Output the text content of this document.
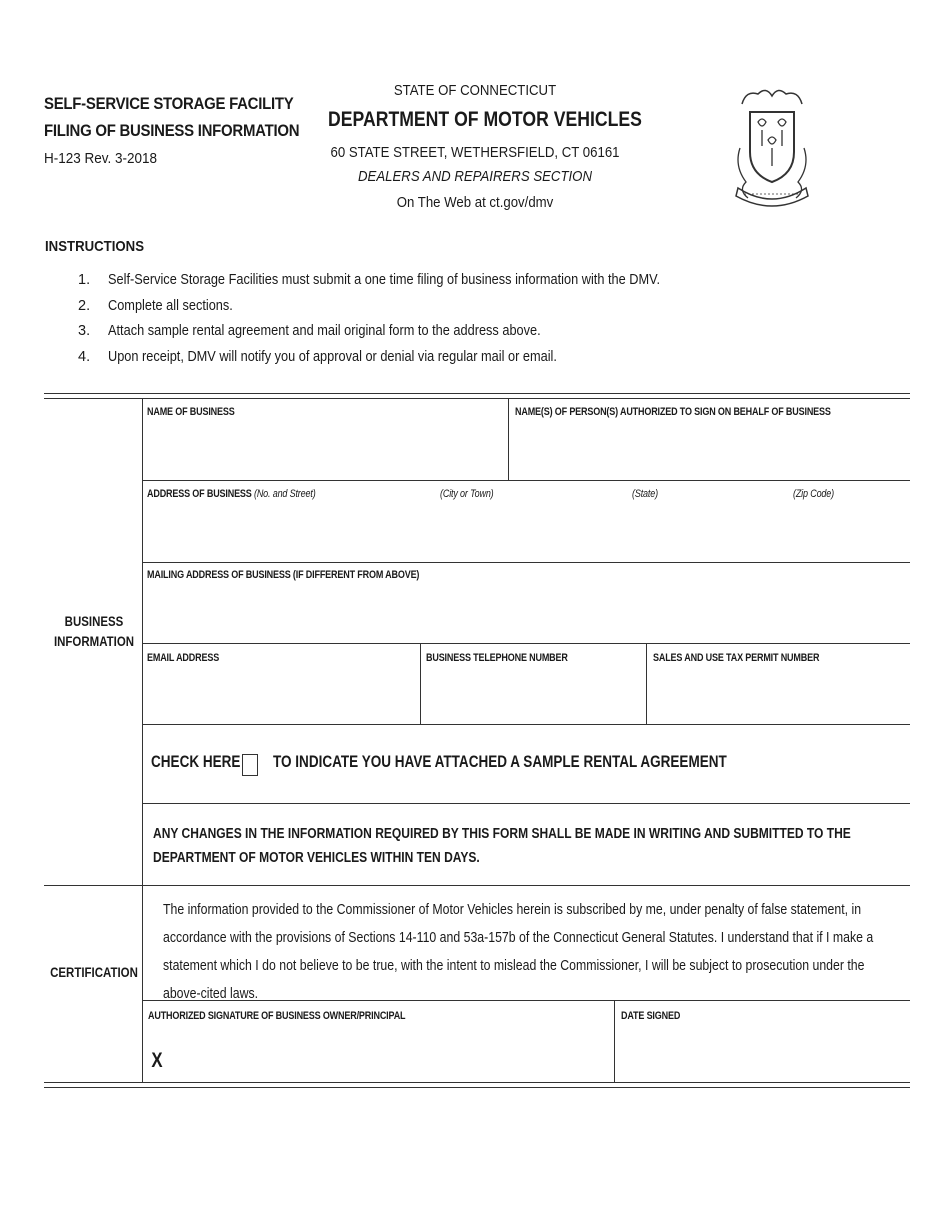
SELF-SERVICE STORAGE FACILITY
FILING OF BUSINESS INFORMATION
H-123 Rev. 3-2018
STATE OF CONNECTICUT
DEPARTMENT OF MOTOR VEHICLES
60 STATE STREET, WETHERSFIELD, CT 06161
DEALERS AND REPAIRERS SECTION
On The Web at ct.gov/dmv
INSTRUCTIONS
1. Self-Service Storage Facilities must submit a one time filing of business information with the DMV.
2. Complete all sections.
3. Attach sample rental agreement and mail original form to the address above.
4. Upon receipt, DMV will notify you of approval or denial via regular mail or email.
BUSINESS
INFORMATION
NAME OF BUSINESS	NAME(S) OF PERSON(S) AUTHORIZED TO SIGN ON BEHALF OF BUSINESS
ADDRESS OF BUSINESS (No. and Street)	(City or Town)	(State)	(Zip Code)
MAILING ADDRESS OF BUSINESS (IF DIFFERENT FROM ABOVE)
EMAIL ADDRESS	BUSINESS TELEPHONE NUMBER	SALES AND USE TAX PERMIT NUMBER
CHECK HERE TO INDICATE YOU HAVE ATTACHED A SAMPLE RENTAL AGREEMENT
ANY CHANGES IN THE INFORMATION REQUIRED BY THIS FORM SHALL BE MADE IN WRITING AND SUBMITTED TO THE
DEPARTMENT OF MOTOR VEHICLES WITHIN TEN DAYS.
CERTIFICATION
The information provided to the Commissioner of Motor Vehicles herein is subscribed by me, under penalty of false statement, in
accordance with the provisions of Sections 14-110 and 53a-157b of the Connecticut General Statutes. I understand that if I make a
statement which I do not believe to be true, with the intent to mislead the Commissioner, I will be subject to prosecution under the
above-cited laws.
AUTHORIZED SIGNATURE OF BUSINESS OWNER/PRINCIPAL
X
DATE SIGNED
